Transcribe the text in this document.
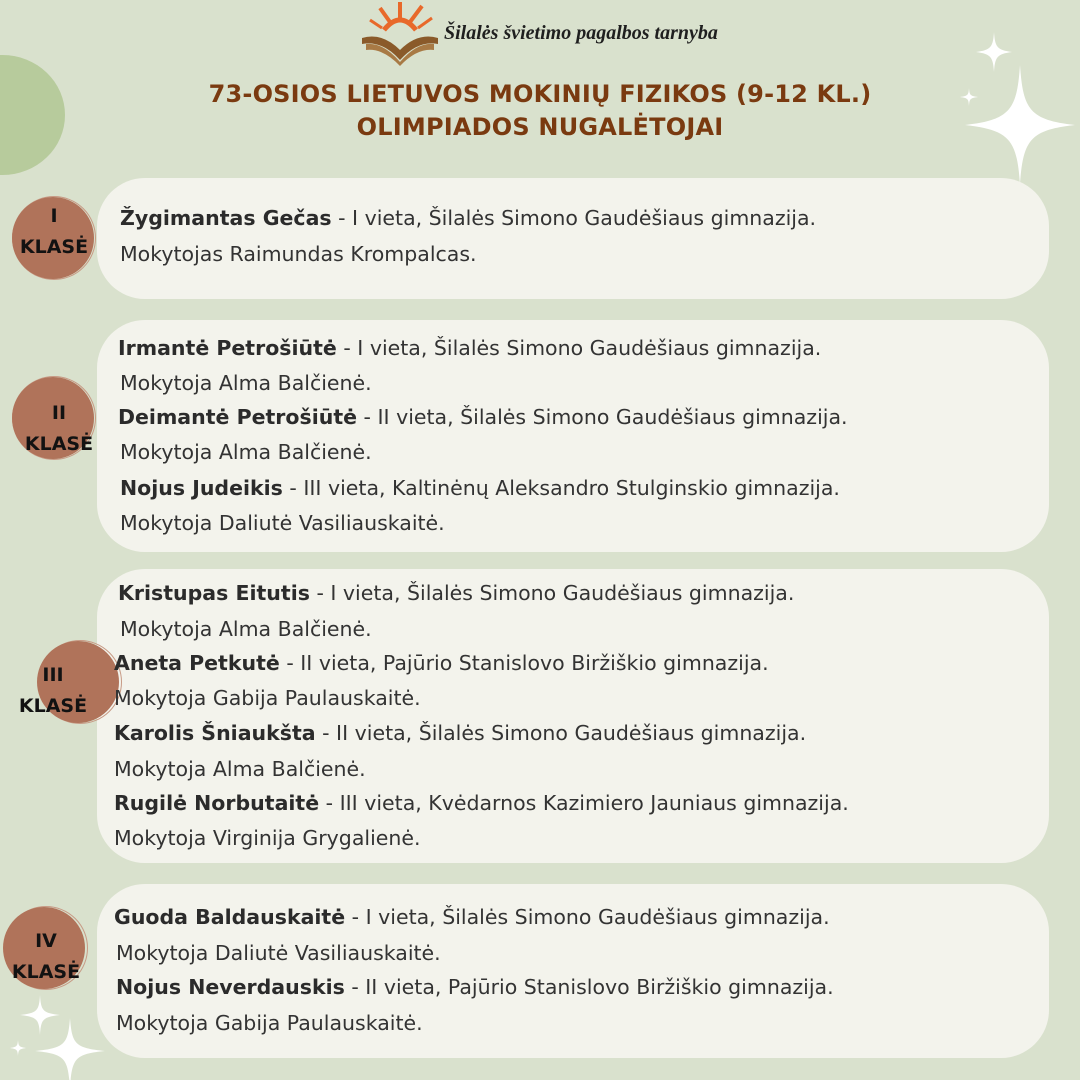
Šilalės švietimo pagalbos tarnyba
73-OSIOS LIETUVOS MOKINIŲ FIZIKOS (9-12 KL.)
OLIMPIADOS NUGALĖTOJAI
I
KLASĖ
Žygimantas Gečas - I vieta, Šilalės Simono Gaudėšiaus gimnazija.
Mokytojas Raimundas Krompalcas.
II
KLASĖ
Irmantė Petrošiūtė - I vieta, Šilalės Simono Gaudėšiaus gimnazija.
Mokytoja Alma Balčienė.
Deimantė Petrošiūtė - II vieta, Šilalės Simono Gaudėšiaus gimnazija.
Mokytoja Alma Balčienė.
Nojus Judeikis - III vieta, Kaltinėnų Aleksandro Stulginskio gimnazija.
Mokytoja Daliutė Vasiliauskaitė.
III
KLASĖ
Kristupas Eitutis - I vieta, Šilalės Simono Gaudėšiaus gimnazija.
Mokytoja Alma Balčienė.
Aneta Petkutė - II vieta, Pajūrio Stanislovo Biržiškio gimnazija.
Mokytoja Gabija Paulauskaitė.
Karolis Šniaukšta - II vieta, Šilalės Simono Gaudėšiaus gimnazija.
Mokytoja Alma Balčienė.
Rugilė Norbutaitė - III vieta, Kvėdarnos Kazimiero Jauniaus gimnazija.
Mokytoja Virginija Grygalienė.
IV
KLASĖ
Guoda Baldauskaitė - I vieta, Šilalės Simono Gaudėšiaus gimnazija.
Mokytoja Daliutė Vasiliauskaitė.
Nojus Neverdauskis - II vieta, Pajūrio Stanislovo Biržiškio gimnazija.
Mokytoja Gabija Paulauskaitė.
